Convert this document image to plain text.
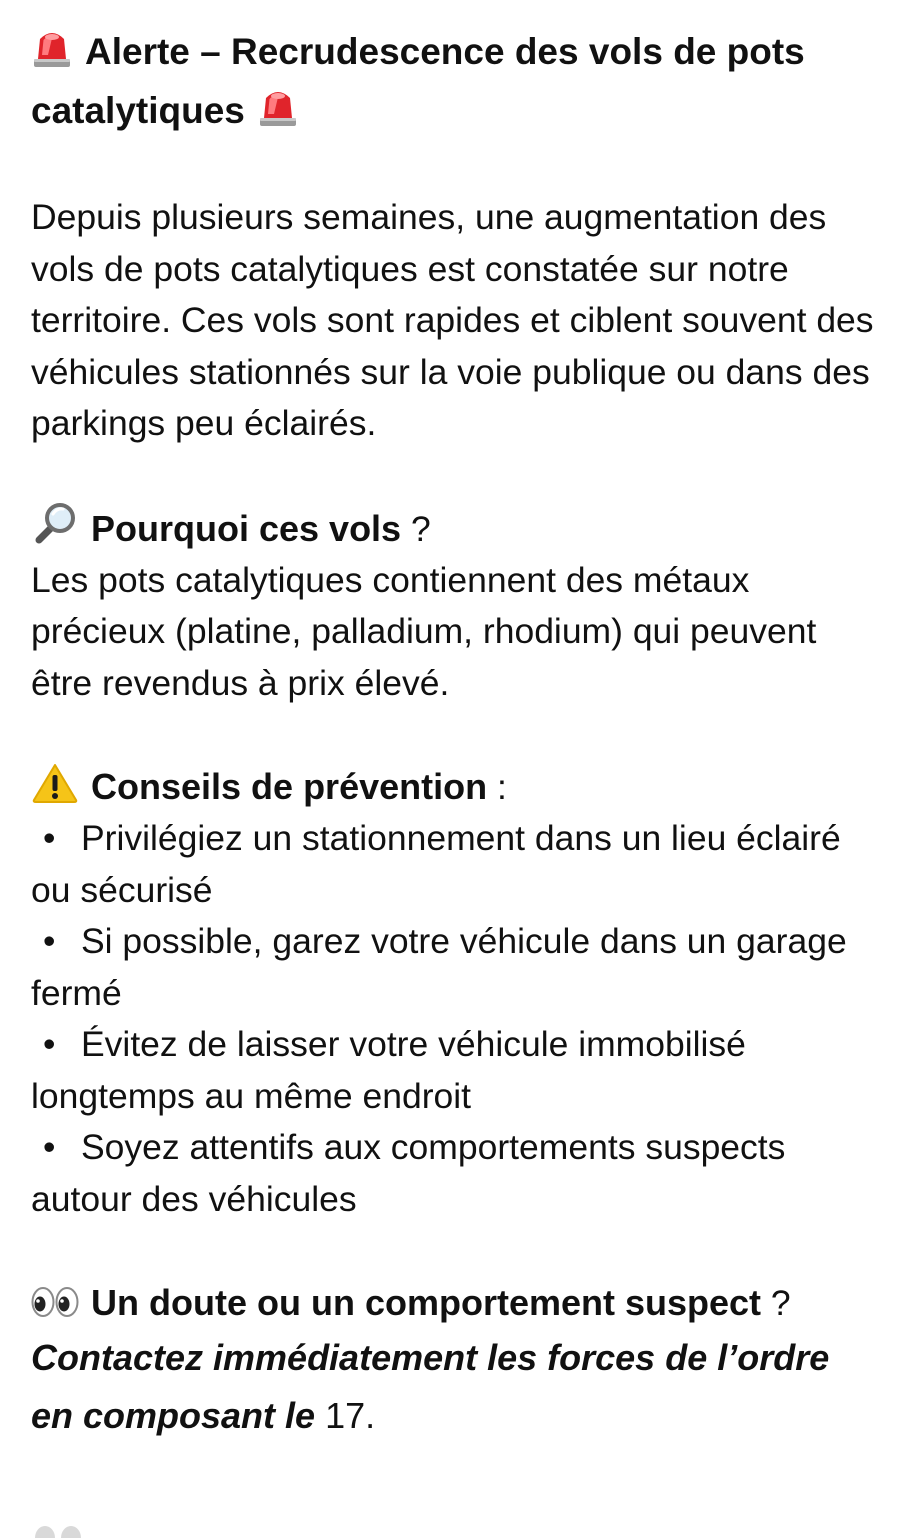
Alerte – Recrudescence des vols de pots catalytiques

Depuis plusieurs semaines, une augmentation des vols de pots catalytiques est constatée sur notre territoire. Ces vols sont rapides et ciblent souvent des véhicules stationnés sur la voie publique ou dans des parkings peu éclairés.

Pourquoi ces vols ?

Les pots catalytiques contiennent des métaux précieux (platine, palladium, rhodium) qui peuvent être revendus à prix élevé.

Conseils de prévention :

• Privilégiez un stationnement dans un lieu éclairé ou sécurisé

• Si possible, garez votre véhicule dans un garage fermé

• Évitez de laisser votre véhicule immobilisé longtemps au même endroit

• Soyez attentifs aux comportements suspects autour des véhicules

Un doute ou un comportement suspect ?

Contactez immédiatement les forces de l’ordre en composant le 17.
